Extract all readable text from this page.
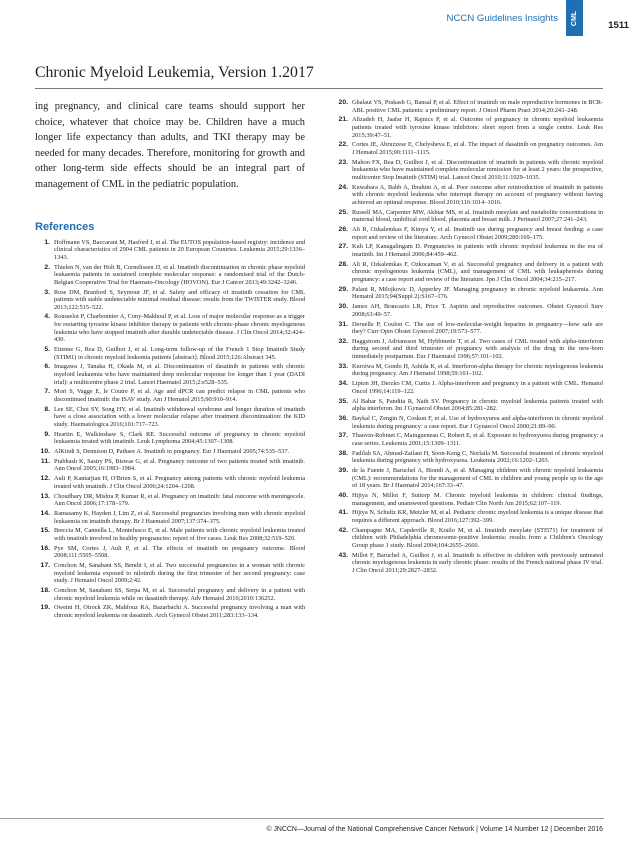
NCCN Guidelines Insights CML	1511
Chronic Myeloid Leukemia, Version 1.2017

ing pregnancy, and clinical care teams should support her choice, whatever that choice may be. Children have a much longer life expectancy than adults, and TKI therapy may be needed for many decades. Therefore, monitoring for growth and other long-term side effects should be an integral part of management of CML in the pediatric population.

References

1. Hoffmann VS, Baccarani M, Hasford J, et al. The EUTOS population-based registry: incidence and clinical characteristics of 2904 CML patients in 20 European Countries. Leukemia 2015;29:1336–1343.

2. Thielen N, van der Holt B, Cornelissen JJ, et al. Imatinib discontinuation in chronic phase myeloid leukaemia patients in sustained complete molecular response: a randomised trial of the Dutch-Belgian Cooperative Trial for Haemato-Oncology (HOVON). Eur J Cancer 2013;49:3242–3246.

3. Ross DM, Branford S, Seymour JF, et al. Safety and efficacy of imatinib cessation for CML patients with stable undetectable minimal residual disease: results from the TWISTER study. Blood 2013;122:515–522.

4. Rousselot P, Charbonnier A, Cony-Makhoul P, et al. Loss of major molecular response as a trigger for restarting tyrosine kinase inhibitor therapy in patients with chronic-phase chronic myelogenous leukemia who have stopped imatinib after durable undetectable disease. J Clin Oncol 2014;32:424–430.

5. Etienne G, Rea D, Guilhot J, et al. Long-term follow-up of the French 1 Stop Imatinib Study (STIM1) in chronic myeloid leukemia patients [abstract]. Blood 2015;126:Abstract 345.

6. Imagawa J, Tanaka H, Okada M, et al. Discontinuation of dasatinib in patients with chronic myeloid leukaemia who have maintained deep molecular response for longer than 1 year (DADI trial): a multicentre phase 2 trial. Lancet Haematol 2015;2:e528–535.

7. Mori S, Vagge E, le Coutre P, et al. Age and dPCR can predict relapse in CML patients who discontinued imatinib: the ISAV study. Am J Hematol 2015;90:910–914.

8. Lee SE, Choi SY, Song HY, et al. Imatinib withdrawal syndrome and longer duration of imatinib have a close association with a lower molecular relapse after treatment discontinuation: the KID study. Haematologica 2016;101:717–723.

9. Heartin E, Walkinshaw S, Clark RE. Successful outcome of pregnancy in chronic myeloid leukaemia treated with imatinib. Leuk Lymphoma 2004;45:1307–1308.

10. AlKindi S, Dennison D, Pathare A. Imatinib in pregnancy. Eur J Haematol 2005;74:535–537.

11. Prabhash K, Sastry PS, Biswas G, et al. Pregnancy outcome of two patients treated with imatinib. Ann Oncol 2005;16:1983–1984.

12. Ault P, Kantarjian H, O'Brien S, et al. Pregnancy among patients with chronic myeloid leukemia treated with imatinib. J Clin Oncol 2006;24:1204–1208.

13. Choudhary DR, Mishra P, Kumar R, et al. Pregnancy on imatinib: fatal outcome with meningocele. Ann Oncol 2006;17:178–179.

14. Ramasamy K, Hayden J, Lim Z, et al. Successful pregnancies involving men with chronic myeloid leukaemia on imatinib therapy. Br J Haematol 2007;137:374–375.

15. Breccia M, Cannella L, Montefusco E, et al. Male patients with chronic myeloid leukemia treated with imatinib involved in healthy pregnancies: report of five cases. Leuk Res 2008;32:519–520.

16. Pye SM, Cortes J, Ault P, et al. The effects of imatinib on pregnancy outcome. Blood 2008;111:5505–5508.

17. Conchon M, Sanabani SS, Bendit I, et al. Two successful pregnancies in a woman with chronic myeloid leukemia exposed to nilotinib during the first trimester of her second pregnancy: case study. J Hematol Oncol 2009;2:42.

18. Conchon M, Sanabani SS, Serpa M, et al. Successful pregnancy and delivery in a patient with chronic myeloid leukemia while on dasatinib therapy. Adv Hematol 2010;2010:136252.

19. Oweini H, Otrock ZK, Mahfouz RA, Bazarbachi A. Successful pregnancy involving a man with chronic myeloid leukemia on dasatinib. Arch Gynecol Obstet 2011;283:133–134.

20. Ghalaut VS, Prakash G, Bansal P, et al. Effect of imatinib on male reproductive hormones in BCR-ABL positive CML patients: a preliminary report. J Oncol Pharm Pract 2014;20:243–248.

21. Alizadeh H, Jaafar H, Rajnics P, et al. Outcome of pregnancy in chronic myeloid leukaemia patients treated with tyrosine kinase inhibitors: short report from a single centre. Leuk Res 2015;39:47–51.

22. Cortes JE, Abruzzese E, Chelysheva E, et al. The impact of dasatinib on pregnancy outcomes. Am J Hematol 2015;90:1111–1115.

23. Mahon FX, Rea D, Guilhot J, et al. Discontinuation of imatinib in patients with chronic myeloid leukaemia who have maintained complete molecular remission for at least 2 years: the prospective, multicentre Stop Imatinib (STIM) trial. Lancet Oncol 2010;11:1029–1035.

24. Kuwabara A, Babb A, Ibrahim A, et al. Poor outcome after reintroduction of imatinib in patients with chronic myeloid leukemia who interrupt therapy on account of pregnancy without having achieved an optimal response. Blood 2010;116:1014–1016.

25. Russell MA, Carpenter MW, Akhtar MS, et al. Imatinib mesylate and metabolite concentrations in maternal blood, umbilical cord blood, placenta and breast milk. J Perinatol 2007;27:241–243.

26. Ali R, Ozkalemkas F, Kimya Y, et al. Imatinib use during pregnancy and breast feeding: a case report and review of the literature. Arch Gynecol Obstet 2009;280:169–175.

27. Kuh LP, Kanagalingam D. Pregnancies in patients with chronic myeloid leukemia in the era of imatinib. Int J Hematol 2006;84:459–462.

28. Ali R, Ozkalemkas F, Ozkocaman V, et al. Successful pregnancy and delivery in a patient with chronic myelogenous leukemia (CML), and management of CML with leukapheresis during pregnancy: a case report and review of the literature. Jpn J Clin Oncol 2004;34:215–217.

29. Palani R, Milojkovic D, Apperley JF. Managing pregnancy in chronic myeloid leukaemia. Ann Hematol 2015;94(Suppl 2):S167–176.

30. James AH, Brancazio LR, Price T. Aspirin and reproductive outcomes. Obstet Gynecol Surv 2008;63:49–57.

31. Deruelle P, Coulon C. The use of low-molecular-weight heparins in pregnancy—how safe are they? Curr Opin Obstet Gynecol 2007;19:573–577.

32. Haggstrom J, Adriansson M, Hybbinette T, et al. Two cases of CML treated with alpha-interferon during second and third trimester of pregnancy with analysis of the drug in the new-born immediately postpartum. Eur J Haematol 1996;57:101–102.

33. Kuroiwa M, Gondo H, Ashida K, et al. Interferon-alpha therapy for chronic myelogenous leukemia during pregnancy. Am J Hematol 1998;59:101–102.

34. Lipton JH, Derzko CM, Curtis J. Alpha-interferon and pregnancy in a patient with CML. Hematol Oncol 1996;14:119–122.

35. Al Bahar S, Pandita R, Nath SV. Pregnancy in chronic myeloid leukemia patients treated with alpha interferon. Int J Gynaecol Obstet 2004;85:281–282.

36. Baykal C, Zengin N, Coskun F, et al. Use of hydroxyurea and alpha-interferon in chronic myeloid leukemia during pregnancy: a case report. Eur J Gynaecol Oncol 2000;21:89–90.

37. Thauvin-Robinet C, Maingueneau C, Robert E, et al. Exposure to hydroxyurea during pregnancy: a case series. Leukemia 2001;15:1309–1311.

38. Fadilah SA, Ahmad-Zailani H, Soon-Keng C, Norlaila M. Successful treatment of chronic myeloid leukemia during pregnancy with hydroxyurea. Leukemia 2002;16:1202–1203.

39. de la Fuente J, Baruchel A, Biondi A, et al. Managing children with chronic myeloid leukaemia (CML): recommendations for the management of CML in children and young people up to the age of 18 years. Br J Haematol 2014;167:33–47.

40. Hijiya N, Millot F, Suttorp M. Chronic myeloid leukemia in children: clinical findings, management, and unanswered questions. Pediatr Clin North Am 2015;62:107–119.

41. Hijiya N, Schultz KR, Metzler M, et al. Pediatric chronic myeloid leukemia is a unique disease that requires a different approach. Blood 2016;127:392–399.

42. Champagne MA, Capdeville R, Krailo M, et al. Imatinib mesylate (STI571) for treatment of children with Philadelphia chromosome-positive leukemia: results from a Children's Oncology Group phase 1 study. Blood 2004;104:2655–2660.

43. Millot F, Baruchel A, Guilhot J, et al. Imatinib is effective in children with previously untreated chronic myelogenous leukemia in early chronic phase: results of the French national phase IV trial. J Clin Oncol 2011;29:2827–2832.

© JNCCN—Journal of the National Comprehensive Cancer Network | Volume 14 Number 12 | December 2016
